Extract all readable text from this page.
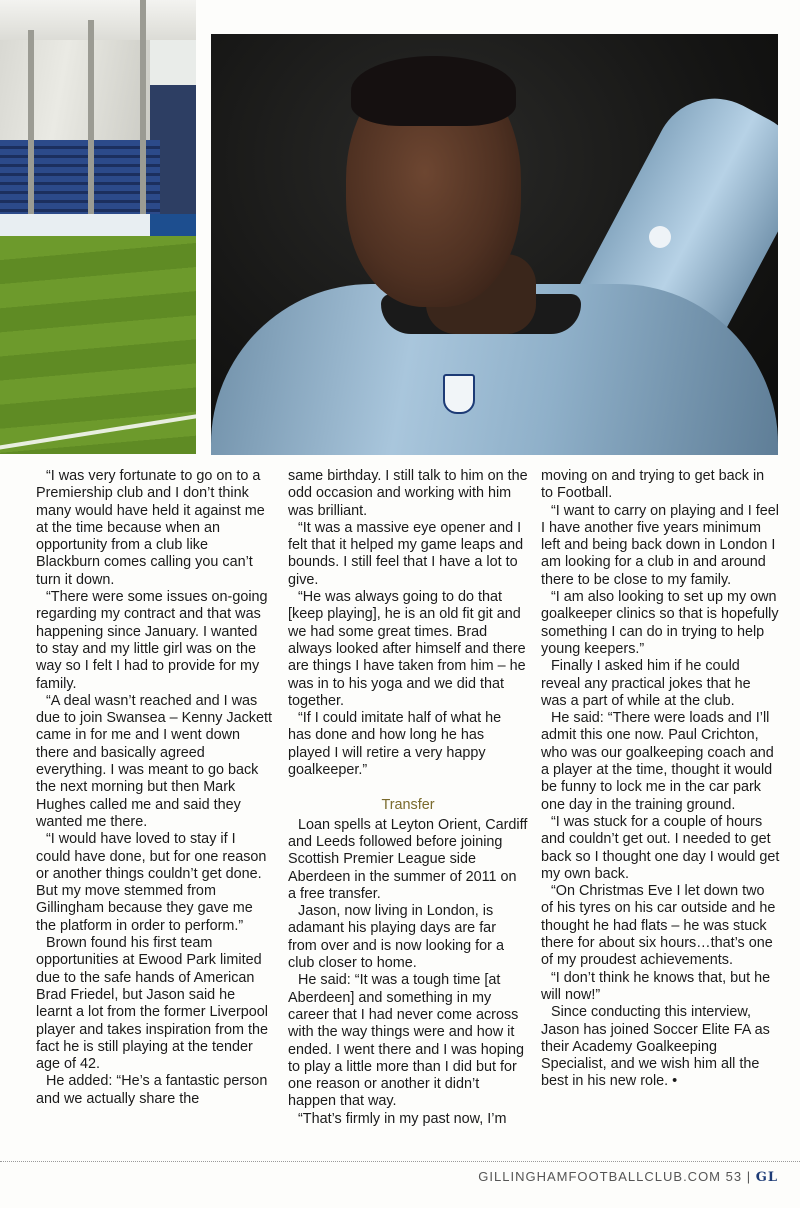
“I was very fortunate to go on to a Premiership club and I don’t think many would have held it against me at the time because when an opportunity from a club like Blackburn comes calling you can’t turn it down.

“There were some issues on-going regarding my contract and that was happening since January. I wanted to stay and my little girl was on the way so I felt I had to provide for my family.

“A deal wasn’t reached and I was due to join Swansea – Kenny Jackett came in for me and I went down there and basically agreed everything. I was meant to go back the next morning but then Mark Hughes called me and said they wanted me there.

“I would have loved to stay if I could have done, but for one reason or another things couldn’t get done. But my move stemmed from Gillingham because they gave me the platform in order to perform.”

Brown found his first team opportunities at Ewood Park limited due to the safe hands of American Brad Friedel, but Jason said he learnt a lot from the former Liverpool player and takes inspiration from the fact he is still playing at the tender age of 42.

He added: “He’s a fantastic person and we actually share the

same birthday. I still talk to him on the odd occasion and working with him was brilliant.

“It was a massive eye opener and I felt that it helped my game leaps and bounds. I still feel that I have a lot to give.

“He was always going to do that [keep playing], he is an old fit git and we had some great times. Brad always looked after himself and there are things I have taken from him – he was in to his yoga and we did that together.

“If I could imitate half of what he has done and how long he has played I will retire a very happy goalkeeper.”

Transfer

Loan spells at Leyton Orient, Cardiff and Leeds followed before joining Scottish Premier League side Aberdeen in the summer of 2011 on a free transfer.

Jason, now living in London, is adamant his playing days are far from over and is now looking for a club closer to home.

He said: “It was a tough time [at Aberdeen] and something in my career that I had never come across with the way things were and how it ended. I went there and I was hoping to play a little more than I did but for one reason or another it didn’t happen that way.

“That’s firmly in my past now, I’m

moving on and trying to get back in to Football.

“I want to carry on playing and I feel I have another five years minimum left and being back down in London I am looking for a club in and around there to be close to my family.

“I am also looking to set up my own goalkeeper clinics so that is hopefully something I can do in trying to help young keepers.”

Finally I asked him if he could reveal any practical jokes that he was a part of while at the club.

He said: “There were loads and I’ll admit this one now. Paul Crichton, who was our goalkeeping coach and a player at the time, thought it would be funny to lock me in the car park one day in the training ground.

“I was stuck for a couple of hours and couldn’t get out. I needed to get back so I thought one day I would get my own back.

“On Christmas Eve I let down two of his tyres on his car outside and he thought he had flats – he was stuck there for about six hours…that’s one of my proudest achievements.

“I don’t think he knows that, but he will now!”

Since conducting this interview, Jason has joined Soccer Elite FA as their Academy Goalkeeping Specialist, and we wish him all the best in his new role. •

GILLINGHAMFOOTBALLCLUB.COM 53 | GL
